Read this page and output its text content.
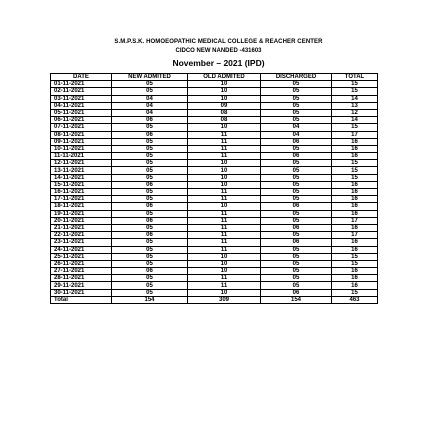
S.M.P.S.K. HOMOEOPATHIC MEDICAL COLLEGE & REACHER CENTER
CIDCO NEW NANDED -431603
November – 2021 (IPD)
DATE	NEW ADMITED	OLD ADMITED	DISCHARGED	TOTAL
01-11-2021	05	10	05	15
02-11-2021	05	10	05	15
03-11-2021	04	10	05	14
04-11-2021	04	09	05	13
05-11-2021	04	08	05	12
06-11-2021	06	08	05	14
07-11-2021	05	10	04	15
08-11-2021	06	11	04	17
09-11-2021	05	11	06	16
10-11-2021	05	11	05	16
11-11-2021	05	11	06	16
12-11-2021	05	10	05	15
13-11-2021	05	10	05	15
14-11-2021	05	10	05	15
15-11-2021	06	10	05	16
16-11-2021	05	11	05	16
17-11-2021	05	11	05	16
18-11-2021	06	10	06	16
19-11-2021	05	11	05	16
20-11-2021	06	11	05	17
21-11-2021	05	11	06	16
22-11-2021	06	11	05	17
23-11-2021	05	11	06	16
24-11-2021	05	11	05	16
25-11-2021	05	10	05	15
26-11-2021	05	10	05	15
27-11-2021	06	10	05	16
28-11-2021	05	11	05	16
29-11-2021	05	11	05	16
30-11-2021	05	10	06	15
Total	154	309	154	463
